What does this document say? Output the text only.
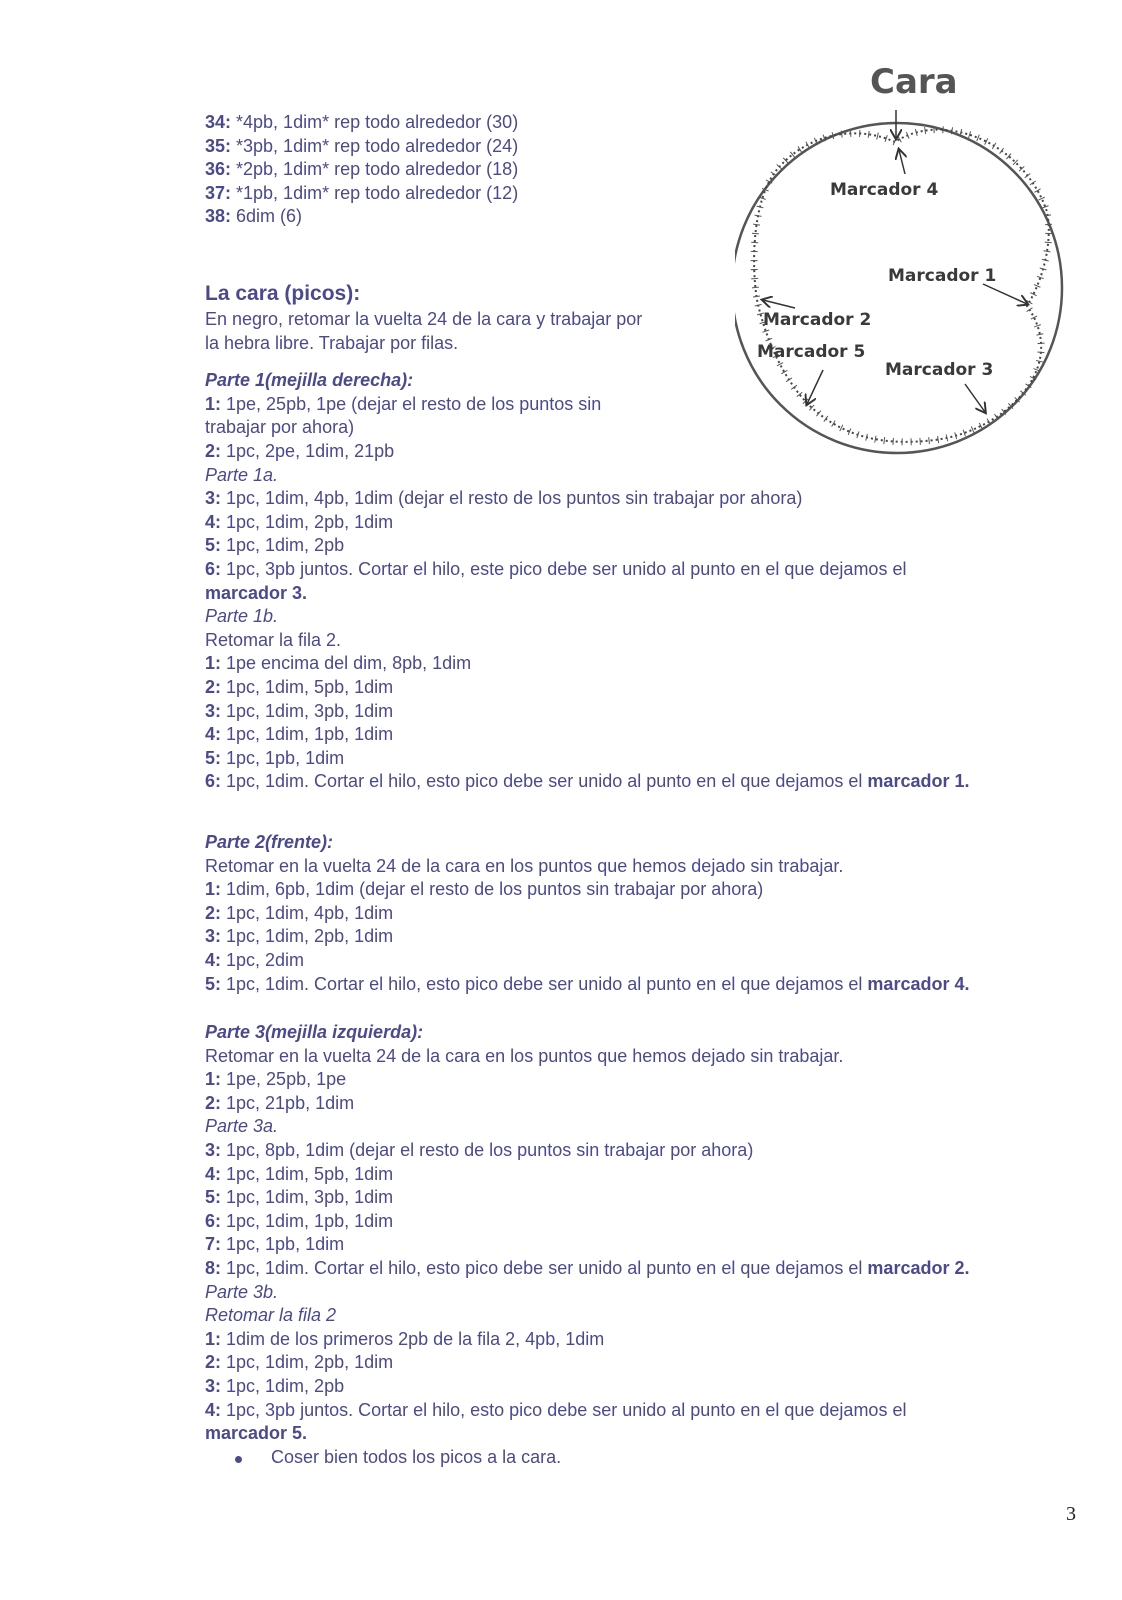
34: *4pb, 1dim* rep todo alrededor (30)
35: *3pb, 1dim* rep todo alrededor (24)
36: *2pb, 1dim* rep todo alrededor (18)
37: *1pb, 1dim* rep todo alrededor (12)
38: 6dim (6)
La cara (picos):
En negro, retomar la vuelta 24 de la cara y trabajar por
la hebra libre. Trabajar por filas.
Parte 1(mejilla derecha):
1: 1pe, 25pb, 1pe (dejar el resto de los puntos sin
trabajar por ahora)
2: 1pc, 2pe, 1dim, 21pb
Parte 1a.
3: 1pc, 1dim, 4pb, 1dim (dejar el resto de los puntos sin trabajar por ahora)
4: 1pc, 1dim, 2pb, 1dim
5: 1pc, 1dim, 2pb
6: 1pc, 3pb juntos. Cortar el hilo, este pico debe ser unido al punto en el que dejamos el
marcador 3.
Parte 1b.
Retomar la fila 2.
1: 1pe encima del dim, 8pb, 1dim
2: 1pc, 1dim, 5pb, 1dim
3: 1pc, 1dim, 3pb, 1dim
4: 1pc, 1dim, 1pb, 1dim
5: 1pc, 1pb, 1dim
6: 1pc, 1dim. Cortar el hilo, esto pico debe ser unido al punto en el que dejamos el marcador 1.
Parte 2(frente):
Retomar en la vuelta 24 de la cara en los puntos que hemos dejado sin trabajar.
1: 1dim, 6pb, 1dim (dejar el resto de los puntos sin trabajar por ahora)
2: 1pc, 1dim, 4pb, 1dim
3: 1pc, 1dim, 2pb, 1dim
4: 1pc, 2dim
5: 1pc, 1dim. Cortar el hilo, esto pico debe ser unido al punto en el que dejamos el marcador 4.
Parte 3(mejilla izquierda):
Retomar en la vuelta 24 de la cara en los puntos que hemos dejado sin trabajar.
1: 1pe, 25pb, 1pe
2: 1pc, 21pb, 1dim
Parte 3a.
3: 1pc, 8pb, 1dim (dejar el resto de los puntos sin trabajar por ahora)
4: 1pc, 1dim, 5pb, 1dim
5: 1pc, 1dim, 3pb, 1dim
6: 1pc, 1dim, 1pb, 1dim
7: 1pc, 1pb, 1dim
8: 1pc, 1dim. Cortar el hilo, esto pico debe ser unido al punto en el que dejamos el marcador 2.
Parte 3b.
Retomar la fila 2
1: 1dim de los primeros 2pb de la fila 2, 4pb, 1dim
2: 1pc, 1dim, 2pb, 1dim
3: 1pc, 1dim, 2pb
4: 1pc, 3pb juntos. Cortar el hilo, esto pico debe ser unido al punto en el que dejamos el
marcador 5.
Coser bien todos los picos a la cara.
Cara
Marcador 4
Marcador 1
Marcador 2
Marcador 5
Marcador 3
3
